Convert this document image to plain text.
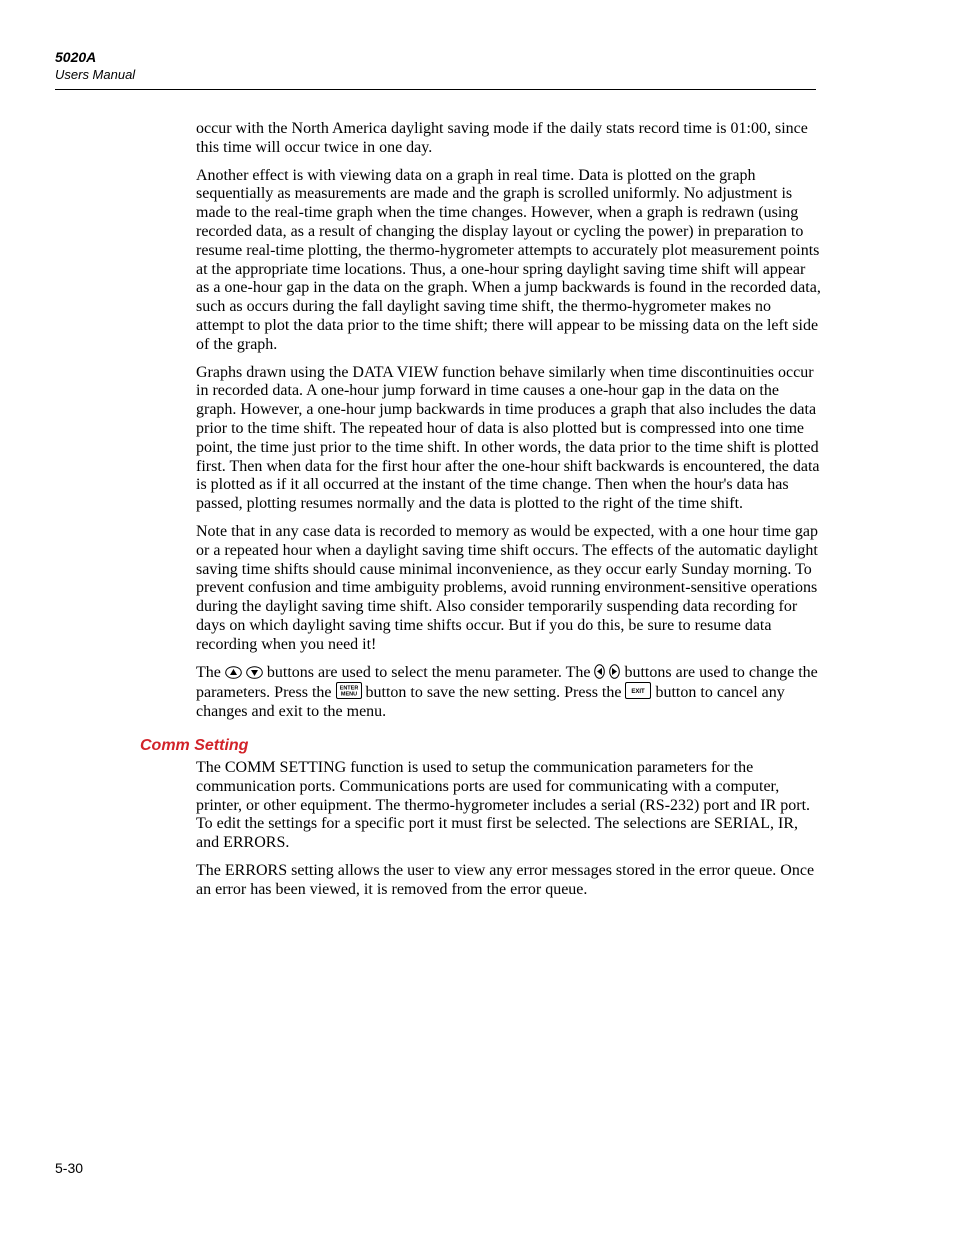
5020A
Users Manual

occur with the North America daylight saving mode if the daily stats record time is 01:00, since this time will occur twice in one day.

Another effect is with viewing data on a graph in real time. Data is plotted on the graph sequentially as measurements are made and the graph is scrolled uniformly. No adjustment is made to the real-time graph when the time changes. However, when a graph is redrawn (using recorded data, as a result of changing the display layout or cycling the power) in preparation to resume real-time plotting, the thermo-hygrometer attempts to accurately plot measurement points at the appropriate time locations. Thus, a one-hour spring daylight saving time shift will appear as a one-hour gap in the data on the graph. When a jump backwards is found in the recorded data, such as occurs during the fall daylight saving time shift, the thermo-hygrometer makes no attempt to plot the data prior to the time shift; there will appear to be missing data on the left side of the graph.

Graphs drawn using the DATA VIEW function behave similarly when time discontinuities occur in recorded data. A one-hour jump forward in time causes a one-hour gap in the data on the graph. However, a one-hour jump backwards in time produces a graph that also includes the data prior to the time shift. The repeated hour of data is also plotted but is compressed into one time point, the time just prior to the time shift. In other words, the data prior to the time shift is plotted first. Then when data for the first hour after the one-hour shift backwards is encountered, the data is plotted as if it all occurred at the instant of the time change. Then when the hour's data has passed, plotting resumes normally and the data is plotted to the right of the time shift.

Note that in any case data is recorded to memory as would be expected, with a one hour time gap or a repeated hour when a daylight saving time shift occurs. The effects of the automatic daylight saving time shifts should cause minimal inconvenience, as they occur early Sunday morning. To prevent confusion and time ambiguity problems, avoid running environment-sensitive operations during the daylight saving time shift. Also consider temporarily suspending data recording for days on which daylight saving time shifts occur. But if you do this, be sure to resume data recording when you need it!

The

buttons are used to select the menu parameter. The

buttons are used to change the parameters. Press the ENTER
MENU button to save the new setting. Press the EXIT button to cancel any changes and exit to the menu.

Comm Setting

The COMM SETTING function is used to setup the communication parameters for the communication ports. Communications ports are used for communicating with a computer, printer, or other equipment. The thermo-hygrometer includes a serial (RS-232) port and IR port. To edit the settings for a specific port it must first be selected. The selections are SERIAL, IR, and ERRORS.

The ERRORS setting allows the user to view any error messages stored in the error queue. Once an error has been viewed, it is removed from the error queue.

5-30
